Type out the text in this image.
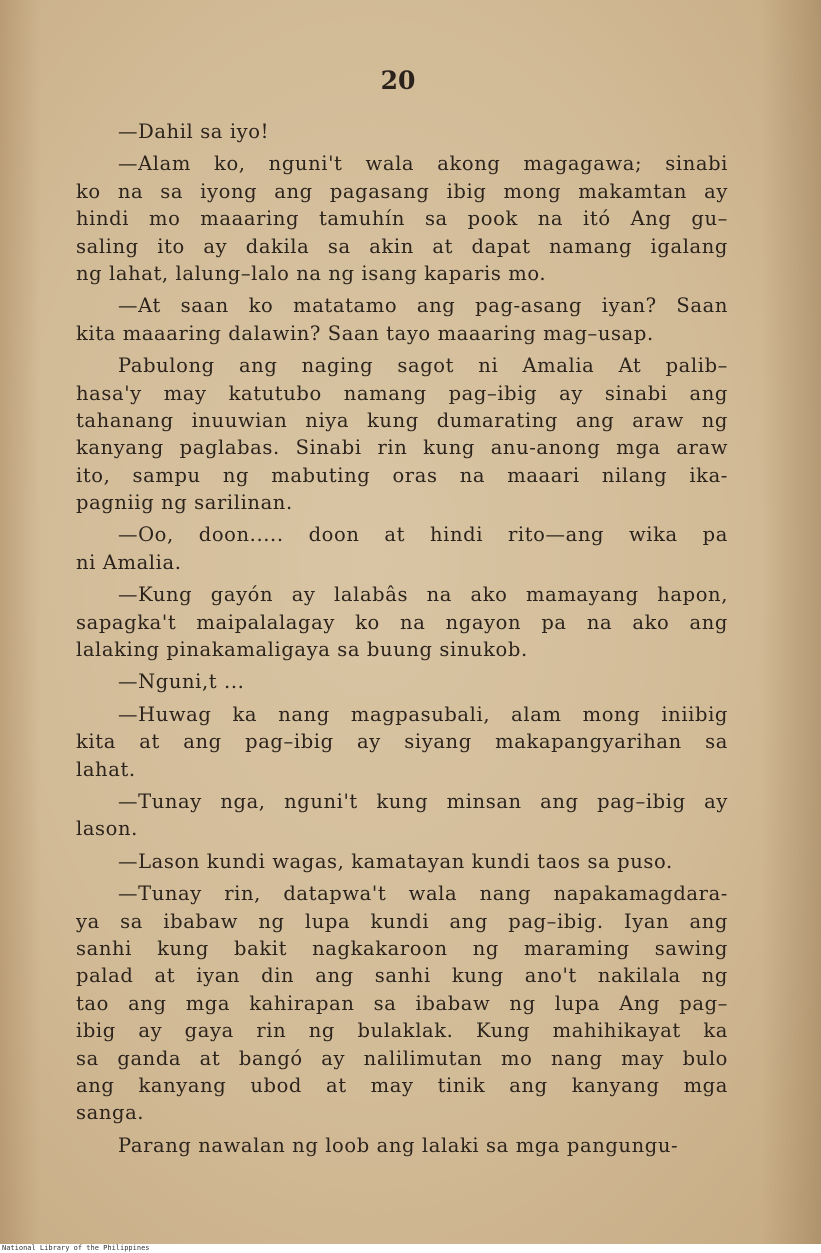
20
—Dahil sa iyo!
—Alam ko, nguni't wala akong magagawa; sinabi
ko na sa iyong ang pagasang ibig mong makamtan ay
hindi mo maaaring tamuhín sa pook na itó Ang gu–
saling ito ay dakila sa akin at dapat namang igalang
ng lahat, lalung–lalo na ng isang kaparis mo.
—At saan ko matatamo ang pag-asang iyan? Saan
kita maaaring dalawin? Saan tayo maaaring mag–usap.
Pabulong ang naging sagot ni Amalia At palib–
hasa'y may katutubo namang pag–ibig ay sinabi ang
tahanang inuuwian niya kung dumarating ang araw ng
kanyang paglabas. Sinabi rin kung anu-anong mga araw
ito, sampu ng mabuting oras na maaari nilang ika-
pagniig ng sarilinan.
—Oo, doon..... doon at hindi rito—ang wika pa
ni Amalia.
—Kung gayón ay lalabâs na ako mamayang hapon,
sapagka't maipalalagay ko na ngayon pa na ako ang
lalaking pinakamaligaya sa buung sinukob.
—Nguni,t ...
—Huwag ka nang magpasubali, alam mong iniibig
kita at ang pag–ibig ay siyang makapangyarihan sa
lahat.
—Tunay nga, nguni't kung minsan ang pag–ibig ay
lason.
—Lason kundi wagas, kamatayan kundi taos sa puso.
—Tunay rin, datapwa't wala nang napakamagdara-
ya sa ibabaw ng lupa kundi ang pag–ibig. Iyan ang
sanhi kung bakit nagkakaroon ng maraming sawing
palad at iyan din ang sanhi kung ano't nakilala ng
tao ang mga kahirapan sa ibabaw ng lupa Ang pag–
ibig ay gaya rin ng bulaklak. Kung mahihikayat ka
sa ganda at bangó ay nalilimutan mo nang may bulo
ang kanyang ubod at may tinik ang kanyang mga
sanga.
Parang nawalan ng loob ang lalaki sa mga pangungu-
National Library of the Philippines
